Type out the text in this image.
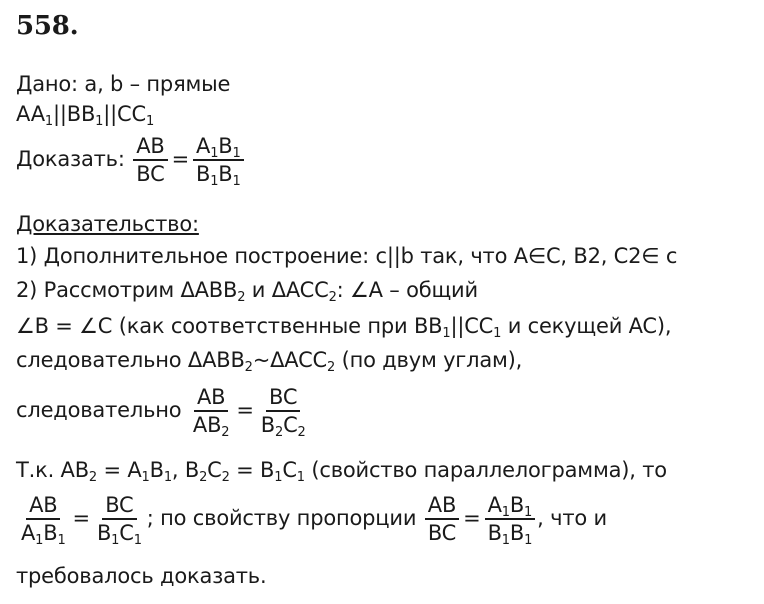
558.
Дано: a, b – прямые
$AA_1||BB_1||CC_1$
Доказать: $\frac{AB}{BC} = \frac{A_1B_1}{B_1B_1}$
Доказательство:
1) Дополнительное построение: c||b так, что A∈C, B2, C2∈ c
2) Рассмотрим $\Delta ABB_2$ и $\Delta ACC_2$: ∠A – общий
∠B = ∠C (как соответственные при $BB_1||CC_1$ и секущей AC),
следовательно $\Delta ABB_2\sim\Delta ACC_2$ (по двум углам),
следовательно $\frac{AB}{AB_2} = \frac{BC}{B_2C_2}$
Т.к. $AB_2 = A_1B_1$, $B_2C_2 = B_1C_1$ (свойство параллелограмма), то
$\frac{AB}{A_1B_1} = \frac{BC}{B_1C_1}$ ; по свойству пропорции $\frac{AB}{BC} = \frac{A_1B_1}{B_1B_1}$ , что и
требовалось доказать.
